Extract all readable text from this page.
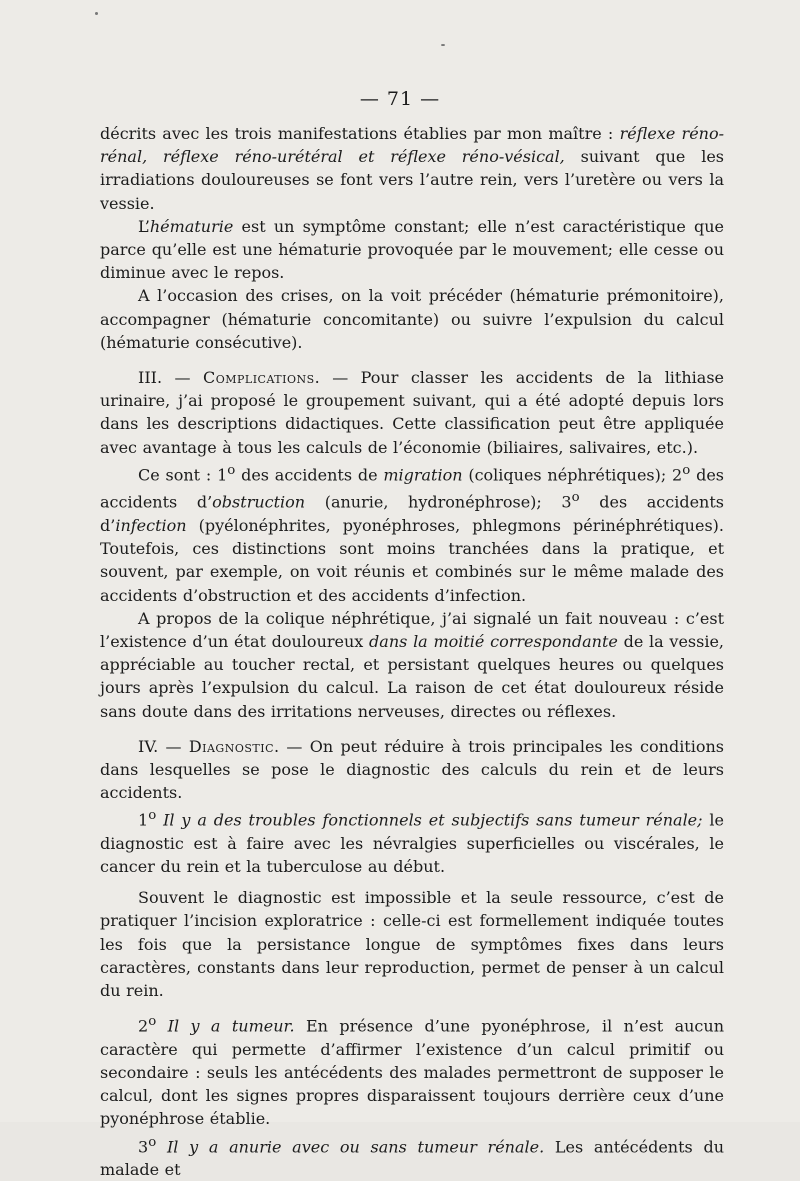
— 71 —

décrits avec les trois manifestations établies par mon maître : réflexe réno-rénal, réflexe réno-urétéral et réflexe réno-vésical, suivant que les irradiations douloureuses se font vers l’autre rein, vers l’uretère ou vers la vessie.

L’hématurie est un symptôme constant; elle n’est caractéristique que parce qu’elle est une hématurie provoquée par le mouvement; elle cesse ou diminue avec le repos.

A l’occasion des crises, on la voit précéder (hématurie prémonitoire), accompagner (hématurie concomitante) ou suivre l’expulsion du calcul (hématurie consécutive).

III. — Complications. — Pour classer les accidents de la lithiase urinaire, j’ai proposé le groupement suivant, qui a été adopté depuis lors dans les descriptions didactiques. Cette classification peut être appliquée avec avantage à tous les calculs de l’économie (biliaires, salivaires, etc.).

Ce sont : 1$^o$ des accidents de migration (coliques néphrétiques); 2$^o$ des accidents d’obstruction (anurie, hydronéphrose); 3$^o$ des accidents d’infection (pyélonéphrites, pyonéphroses, phlegmons périnéphrétiques). Toutefois, ces distinctions sont moins tranchées dans la pratique, et souvent, par exemple, on voit réunis et combinés sur le même malade des accidents d’obstruction et des accidents d’infection.

A propos de la colique néphrétique, j’ai signalé un fait nouveau : c’est l’existence d’un état douloureux dans la moitié correspondante de la vessie, appréciable au toucher rectal, et persistant quelques heures ou quelques jours après l’expulsion du calcul. La raison de cet état douloureux réside sans doute dans des irritations nerveuses, directes ou réflexes.

IV. — Diagnostic. — On peut réduire à trois principales les conditions dans lesquelles se pose le diagnostic des calculs du rein et de leurs accidents.

1$^o$ Il y a des troubles fonctionnels et subjectifs sans tumeur rénale; le diagnostic est à faire avec les névralgies superficielles ou viscérales, le cancer du rein et la tuberculose au début.

Souvent le diagnostic est impossible et la seule ressource, c’est de pratiquer l’incision exploratrice : celle-ci est formellement indiquée toutes les fois que la persistance longue de symptômes fixes dans leurs caractères, constants dans leur reproduction, permet de penser à un calcul du rein.

2$^o$ Il y a tumeur. En présence d’une pyonéphrose, il n’est aucun caractère qui permette d’affirmer l’existence d’un calcul primitif ou secondaire : seuls les antécédents des malades permettront de supposer le calcul, dont les signes propres disparaissent toujours derrière ceux d’une pyonéphrose établie.

3$^o$ Il y a anurie avec ou sans tumeur rénale. Les antécédents du malade et
